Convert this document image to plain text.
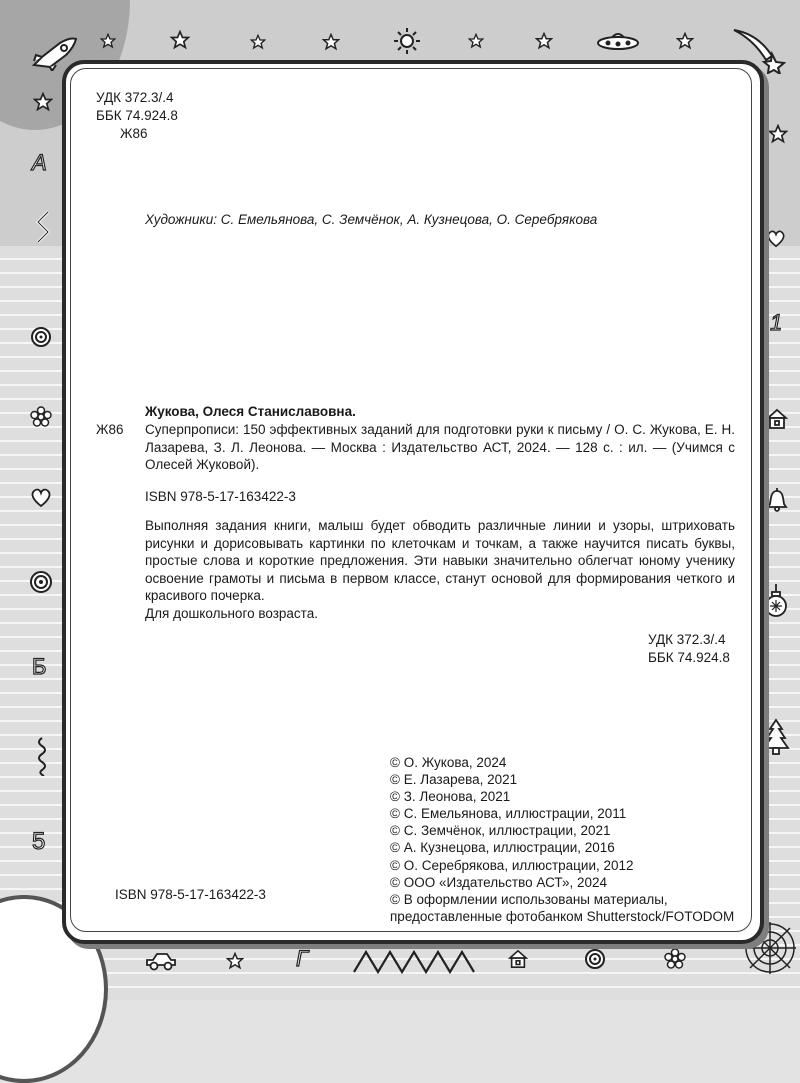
А
Б
5
1
Г
УДК 372.3/.4
ББК 74.924.8
Ж86
Художники: С. Емельянова, С. Земчёнок, А. Кузнецова, О. Серебрякова
Жукова, Олеся Станиславовна.
Ж86 Суперпрописи: 150 эффективных заданий для подготовки руки к письму / О. С. Жукова, Е. Н. Лазарева, З. Л. Леонова. — Москва : Издательство АСТ, 2024. — 128 с. : ил. — (Учимся с Олесей Жуковой).
ISBN 978-5-17-163422-3

Выполняя задания книги, малыш будет обводить различные линии и узоры, штриховать рисунки и дорисовывать картинки по клеточкам и точкам, а также научится писать буквы, простые слова и короткие предложения. Эти навыки значительно облегчат юному ученику освоение грамоты и письма в первом классе, станут основой для формирования четкого и красивого почерка.

Для дошкольного возраста.

УДК 372.3/.4
ББК 74.924.8
© О. Жукова, 2024
© Е. Лазарева, 2021
© З. Леонова, 2021
© С. Емельянова, иллюстрации, 2011
© С. Земчёнок, иллюстрации, 2021
© А. Кузнецова, иллюстрации, 2016
© О. Серебрякова, иллюстрации, 2012
© ООО «Издательство АСТ», 2024
© В оформлении использованы материалы,
предоставленные фотобанком Shutterstock/FOTODOM
ISBN 978-5-17-163422-3
